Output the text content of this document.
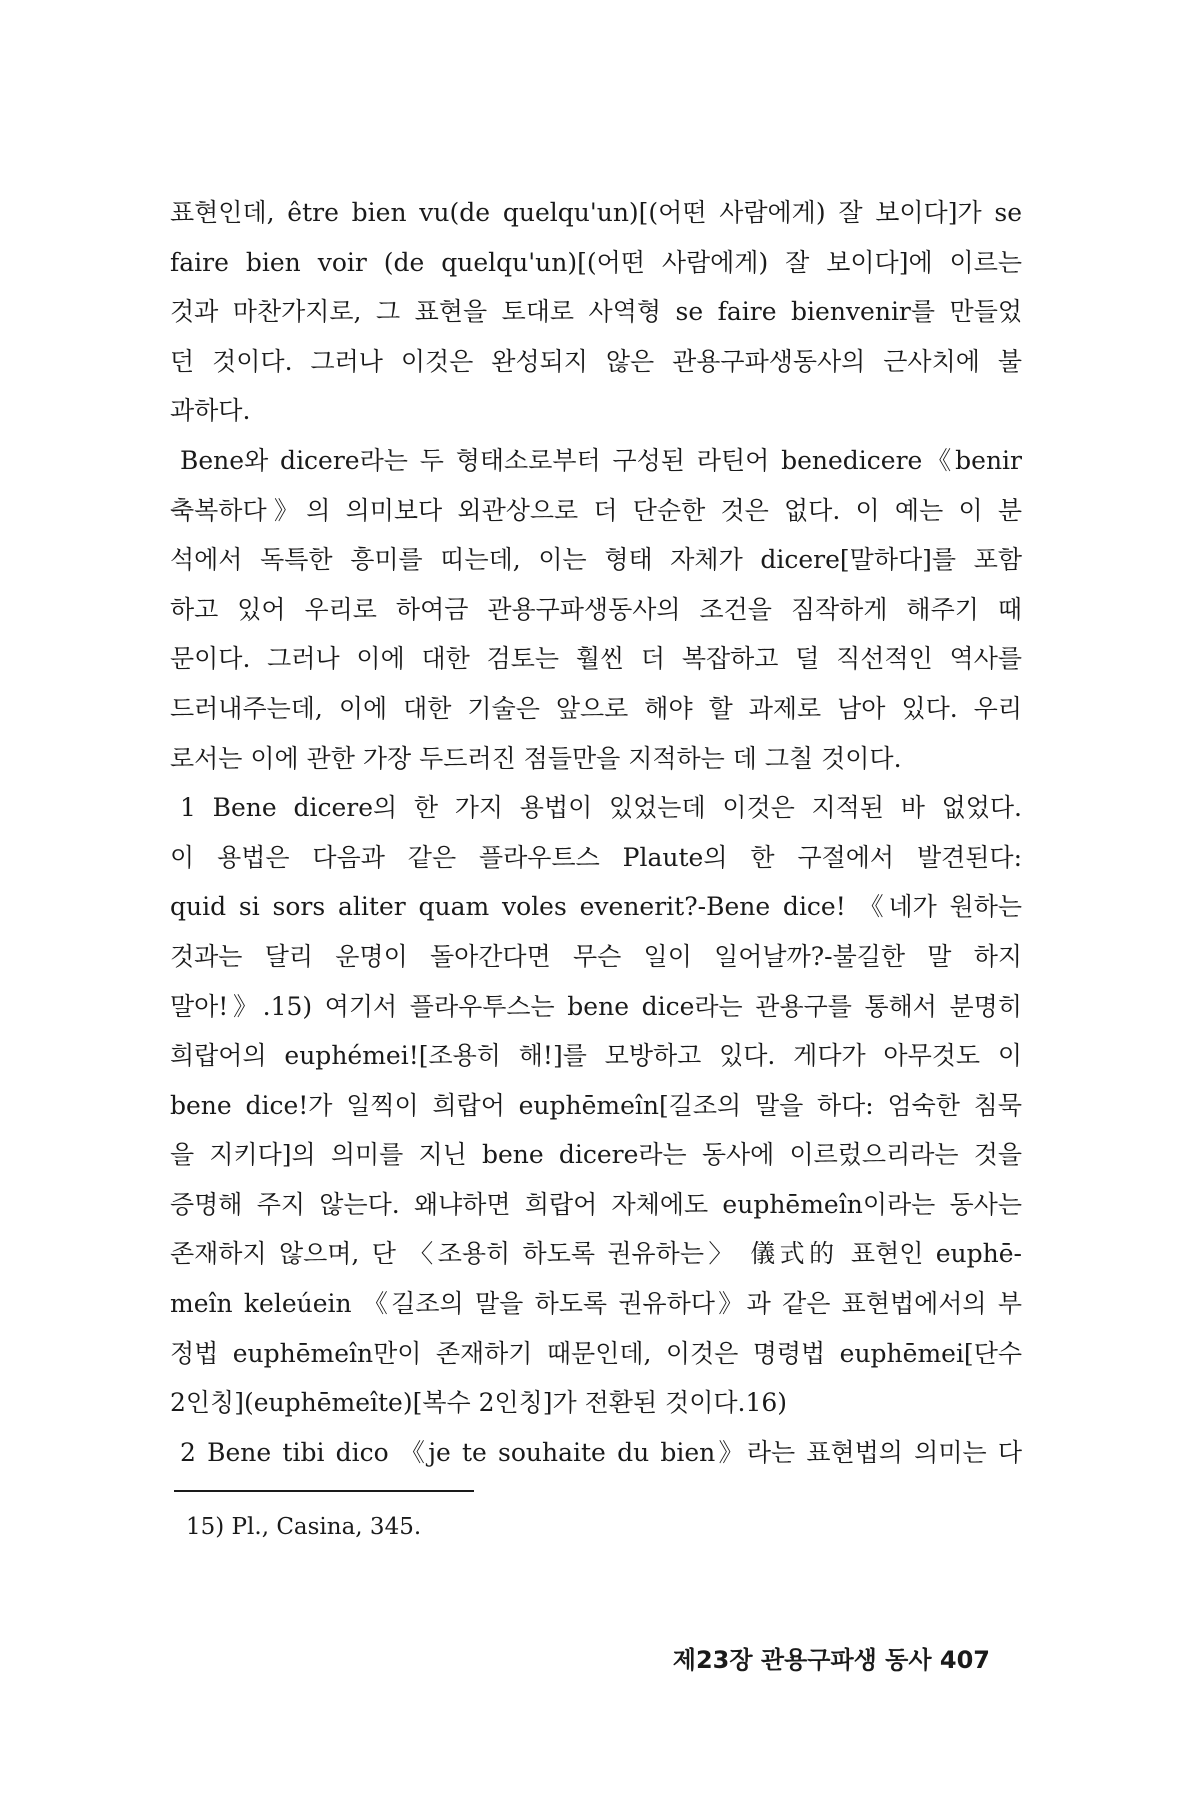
표현인데, être bien vu(de quelqu'un)[(어떤 사람에게) 잘 보이다]가 se
faire bien voir (de quelqu'un)[(어떤 사람에게) 잘 보이다]에 이르는
것과 마찬가지로, 그 표현을 토대로 사역형 se faire bienvenir를 만들었
던 것이다. 그러나 이것은 완성되지 않은 관용구파생동사의 근사치에 불
과하다.
Bene와 dicere라는 두 형태소로부터 구성된 라틴어 benedicere《benir
축복하다》의 의미보다 외관상으로 더 단순한 것은 없다. 이 예는 이 분
석에서 독특한 흥미를 띠는데, 이는 형태 자체가 dicere[말하다]를 포함
하고 있어 우리로 하여금 관용구파생동사의 조건을 짐작하게 해주기 때
문이다. 그러나 이에 대한 검토는 훨씬 더 복잡하고 덜 직선적인 역사를
드러내주는데, 이에 대한 기술은 앞으로 해야 할 과제로 남아 있다. 우리
로서는 이에 관한 가장 두드러진 점들만을 지적하는 데 그칠 것이다.
1 Bene dicere의 한 가지 용법이 있었는데 이것은 지적된 바 없었다.
이 용법은 다음과 같은 플라우트스 Plaute의 한 구절에서 발견된다:
quid si sors aliter quam voles evenerit?-Bene dice! 《네가 원하는
것과는 달리 운명이 돌아간다면 무슨 일이 일어날까?-불길한 말 하지
말아!》.15) 여기서 플라우투스는 bene dice라는 관용구를 통해서 분명히
희랍어의 euphémei![조용히 해!]를 모방하고 있다. 게다가 아무것도 이
bene dice!가 일찍이 희랍어 euphēmeîn[길조의 말을 하다: 엄숙한 침묵
을 지키다]의 의미를 지닌 bene dicere라는 동사에 이르렀으리라는 것을
증명해 주지 않는다. 왜냐하면 희랍어 자체에도 euphēmeîn이라는 동사는
존재하지 않으며, 단 〈조용히 하도록 권유하는〉 儀式的 표현인 euphē-
meîn keleúein 《길조의 말을 하도록 권유하다》과 같은 표현법에서의 부
정법 euphēmeîn만이 존재하기 때문인데, 이것은 명령법 euphēmei[단수
2인칭](euphēmeîte)[복수 2인칭]가 전환된 것이다.16)
2 Bene tibi dico 《je te souhaite du bien》라는 표현법의 의미는 다
15) Pl., Casina, 345.
제23장 관용구파생 동사 407
